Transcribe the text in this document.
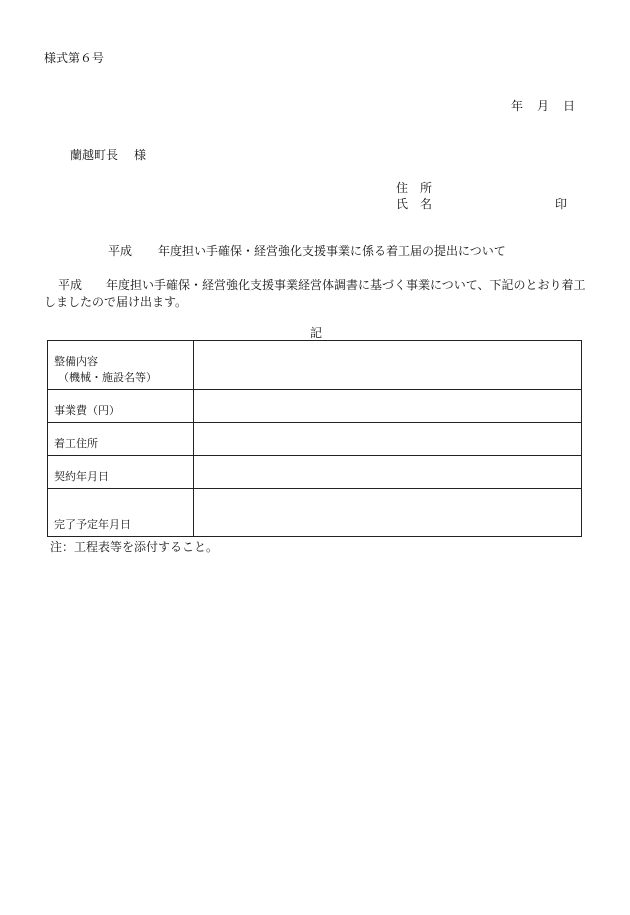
様式第６号
年 月 日
蘭越町長 様
住　所
氏　名	印
平成 年度担い手確保・経営強化支援事業に係る着工届の提出について
平成　　年度担い手確保・経営強化支援事業経営体調書に基づく事業について、下記のとおり着工しましたので届け出ます。
記
整備内容
（機械・施設名等）	

事業費（円）	
着工住所	
契約年月日	
完了予定年月日	
注：工程表等を添付すること。
